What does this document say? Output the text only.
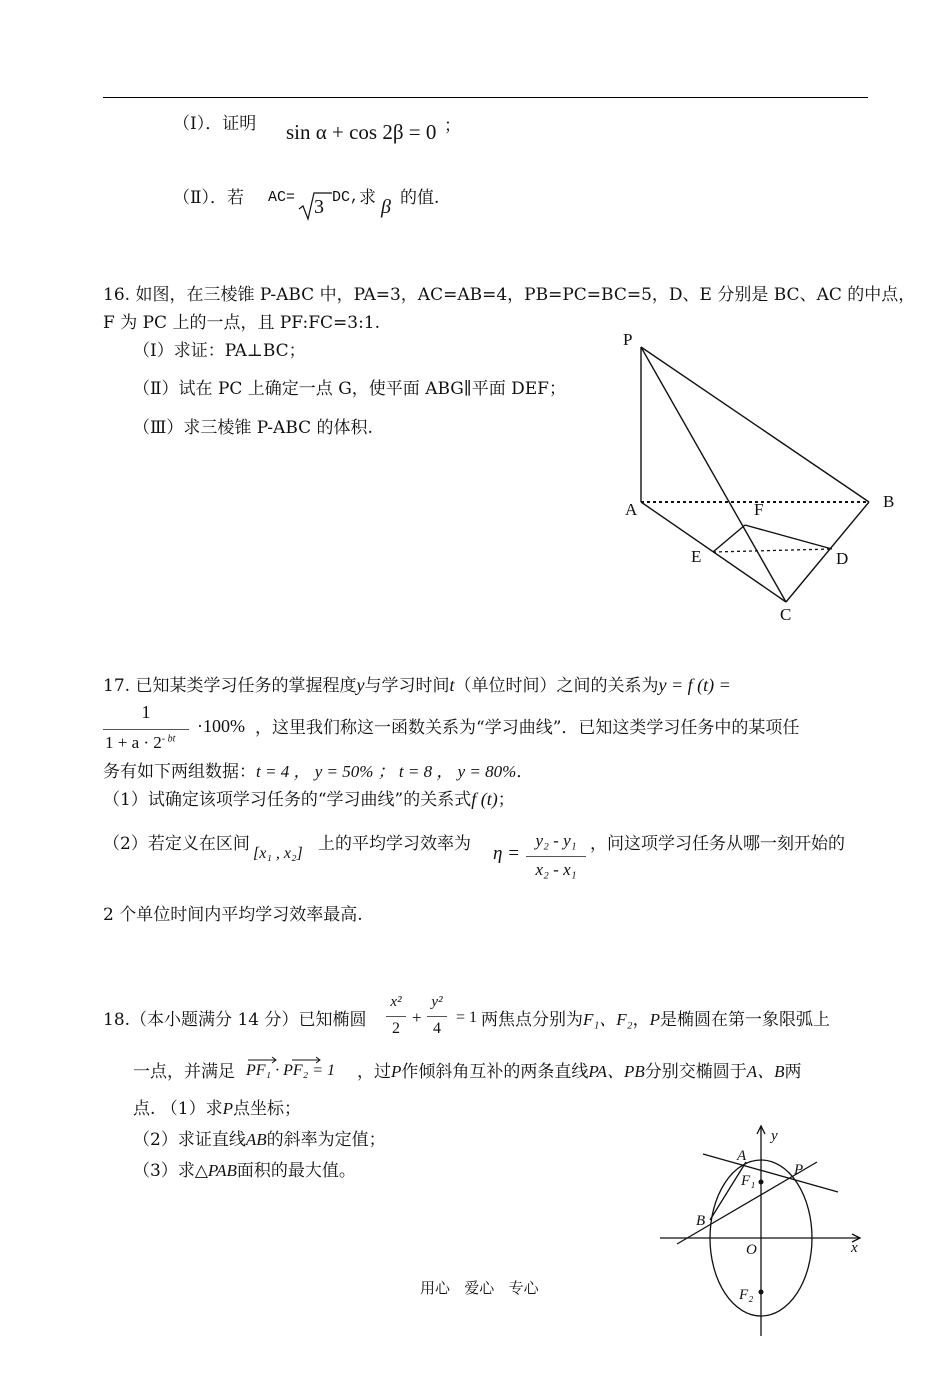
（Ⅰ）．证明 sin α + cos 2β = 0 ；
（Ⅱ）．若 AC= 3 DC, 求 β 的值.
16. 如图，在三棱锥 P-ABC 中，PA=3，AC=AB=4，PB=PC=BC=5，D、E 分别是 BC、AC 的中点，
F 为 PC 上的一点，且 PF:FC=3:1.
（Ⅰ）求证：PA⊥BC；
（Ⅱ）试在 PC 上确定一点 G，使平面 ABG∥平面 DEF；
（Ⅲ）求三棱锥 P-ABC 的体积.
P
A	B
C
D
E
F
17. 已知某类学习任务的掌握程度y与学习时间t（单位时间）之间的关系为y = f (t) =
1
$1 + a \cdot 2^{- bt}$
·100% ，这里我们称这一函数关系为“学习曲线”．已知这类学习任务中的某项任
务有如下两组数据：t = 4 ， y = 50% ； t = 8 ， y = 80%．
（1）试确定该项学习任务的“学习曲线”的关系式f (t)；
（2）若定义在区间 [x₁ , x₂] 上的平均学习效率为 η =
y₂ - y₁
x₂ - x₁
，问这项学习任务从哪一刻开始的
2 个单位时间内平均学习效率最高.
18.（本小题满分 14 分）已知椭圆
x²
2
+
y²
4
= 1 两焦点分别为F₁、F₂，P是椭圆在第一象限弧上
一点，并满足 PF₁ · PF₂ = 1 ，过P作倾斜角互补的两条直线PA、PB分别交椭圆于A、B两
点. （1）求P点坐标；
（2）求证直线AB的斜率为定值；
（3）求△PAB面积的最大值。
y
x
O
A
P
B
F₁
F₂
用心   爱心   专心
